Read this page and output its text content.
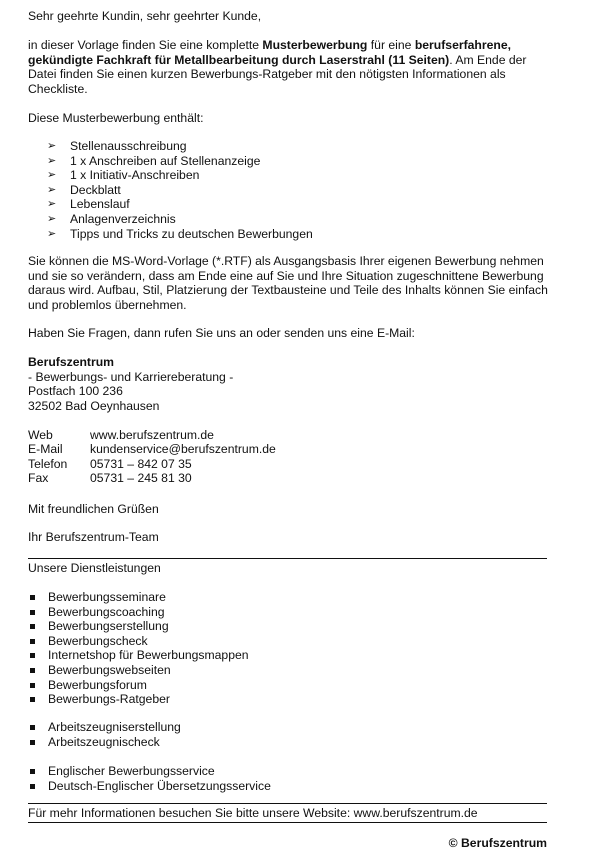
Sehr geehrte Kundin, sehr geehrter Kunde,

in dieser Vorlage finden Sie eine komplette Musterbewerbung für eine berufserfahrene, gekündigte Fachkraft für Metallbearbeitung durch Laserstrahl (11 Seiten). Am Ende der Datei finden Sie einen kurzen Bewerbungs-Ratgeber mit den nötigsten Informationen als Checkliste.

Diese Musterbewerbung enthält:

➢ Stellenausschreibung
➢ 1 x Anschreiben auf Stellenanzeige
➢ 1 x Initiativ-Anschreiben
➢ Deckblatt
➢ Lebenslauf
➢ Anlagenverzeichnis
➢ Tipps und Tricks zu deutschen Bewerbungen

Sie können die MS-Word-Vorlage (*.RTF) als Ausgangsbasis Ihrer eigenen Bewerbung nehmen und sie so verändern, dass am Ende eine auf Sie und Ihre Situation zugeschnittene Bewerbung daraus wird. Aufbau, Stil, Platzierung der Textbausteine und Teile des Inhalts können Sie einfach und problemlos übernehmen.

Haben Sie Fragen, dann rufen Sie uns an oder senden uns eine E-Mail:

Berufszentrum

- Bewerbungs- und Karriereberatung -

Postfach 100 236

32502 Bad Oeynhausen

Web	www.berufszentrum.de
E-Mail	kundenservice@berufszentrum.de
Telefon	05731 – 842 07 35
Fax	05731 – 245 81 30

Mit freundlichen Grüßen

Ihr Berufszentrum-Team

Unsere Dienstleistungen

Bewerbungsseminare
Bewerbungscoaching
Bewerbungserstellung
Bewerbungscheck
Internetshop für Bewerbungsmappen
Bewerbungswebseiten
Bewerbungsforum
Bewerbungs-Ratgeber
Arbeitszeugniserstellung
Arbeitszeugnischeck
Englischer Bewerbungsservice
Deutsch-Englischer Übersetzungsservice

Für mehr Informationen besuchen Sie bitte unsere Website: www.berufszentrum.de

© Berufszentrum
